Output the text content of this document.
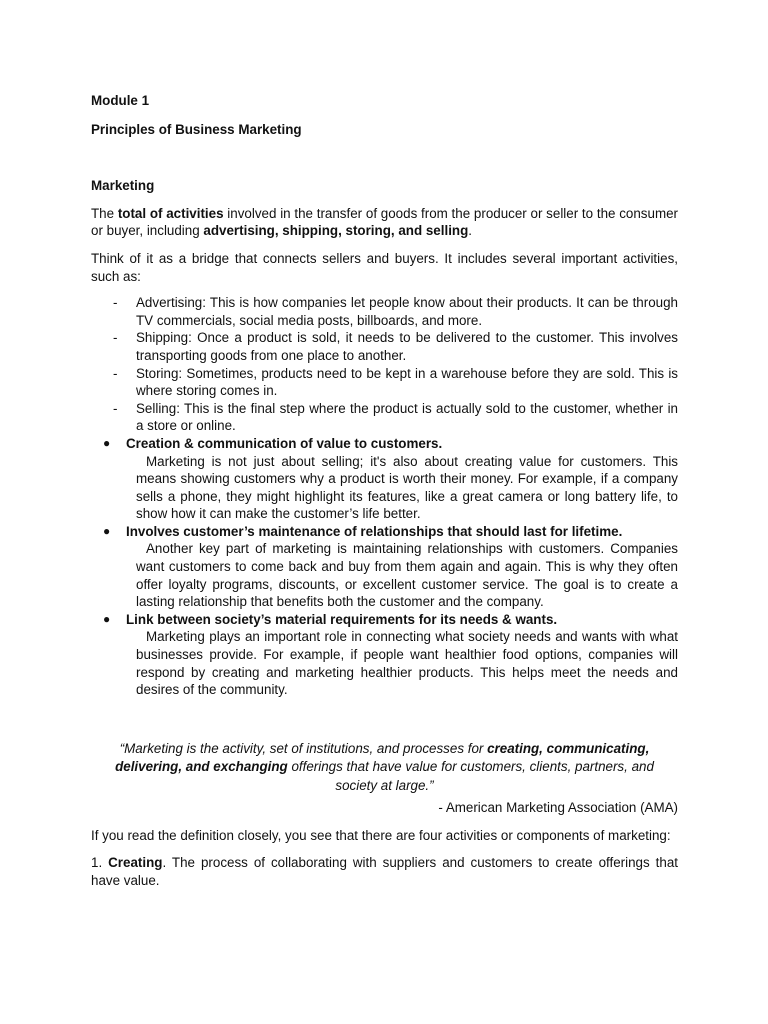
Module 1

Principles of Business Marketing

Marketing

The total of activities involved in the transfer of goods from the producer or seller to the consumer or buyer, including advertising, shipping, storing, and selling.

Think of it as a bridge that connects sellers and buyers. It includes several important activities, such as:

- Advertising: This is how companies let people know about their products. It can be through TV commercials, social media posts, billboards, and more.
- Shipping: Once a product is sold, it needs to be delivered to the customer. This involves transporting goods from one place to another.
- Storing: Sometimes, products need to be kept in a warehouse before they are sold. This is where storing comes in.
- Selling: This is the final step where the product is actually sold to the customer, whether in a store or online.
● Creation & communication of value to customers.

Marketing is not just about selling; it's also about creating value for customers. This means showing customers why a product is worth their money. For example, if a company sells a phone, they might highlight its features, like a great camera or long battery life, to show how it can make the customer’s life better.

● Involves customer’s maintenance of relationships that should last for lifetime.

Another key part of marketing is maintaining relationships with customers. Companies want customers to come back and buy from them again and again. This is why they often offer loyalty programs, discounts, or excellent customer service. The goal is to create a lasting relationship that benefits both the customer and the company.

● Link between society’s material requirements for its needs & wants.

Marketing plays an important role in connecting what society needs and wants with what businesses provide. For example, if people want healthier food options, companies will respond by creating and marketing healthier products. This helps meet the needs and desires of the community.

“Marketing is the activity, set of institutions, and processes for creating, communicating, delivering, and exchanging offerings that have value for customers, clients, partners, and society at large.”

- American Marketing Association (AMA)

If you read the definition closely, you see that there are four activities or components of marketing:

1. Creating. The process of collaborating with suppliers and customers to create offerings that have value.
